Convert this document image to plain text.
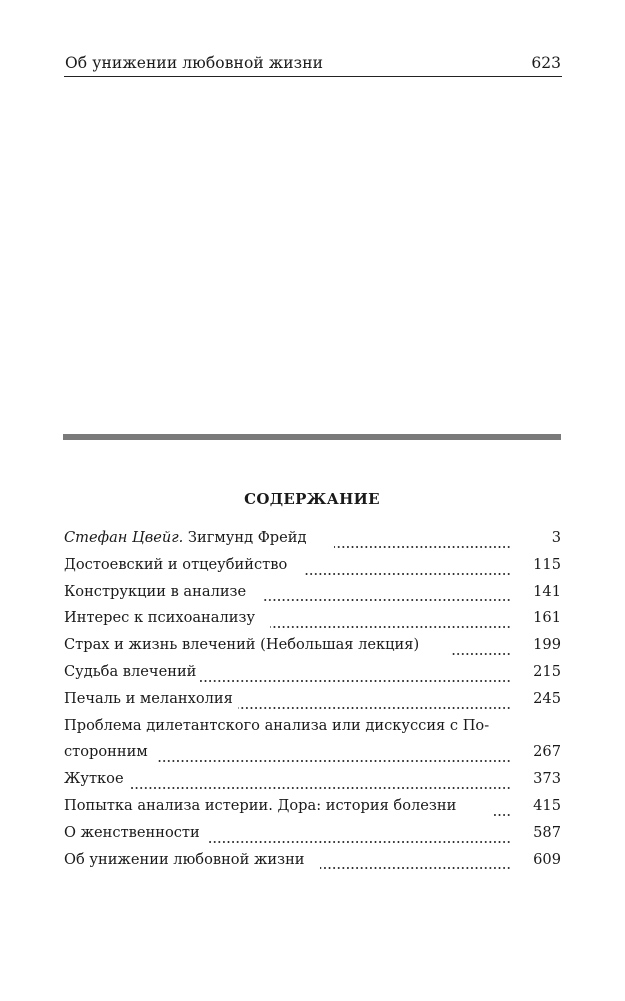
Об унижении любовной жизни	623
СОДЕРЖАНИЕ
Стефан Цвейг. Зигмунд Фрейд	3
Достоевский и отцеубийство	115
Конструкции в анализе	141
Интерес к психоанализу	161
Страх и жизнь влечений (Небольшая лекция)	199
Судьба влечений	215
Печаль и меланхолия	245
Проблема дилетантского анализа или дискуссия с По-
сторонним	267
Жуткое	373
Попытка анализа истерии. Дора: история болезни	415
О женственности	587
Об унижении любовной жизни	609
